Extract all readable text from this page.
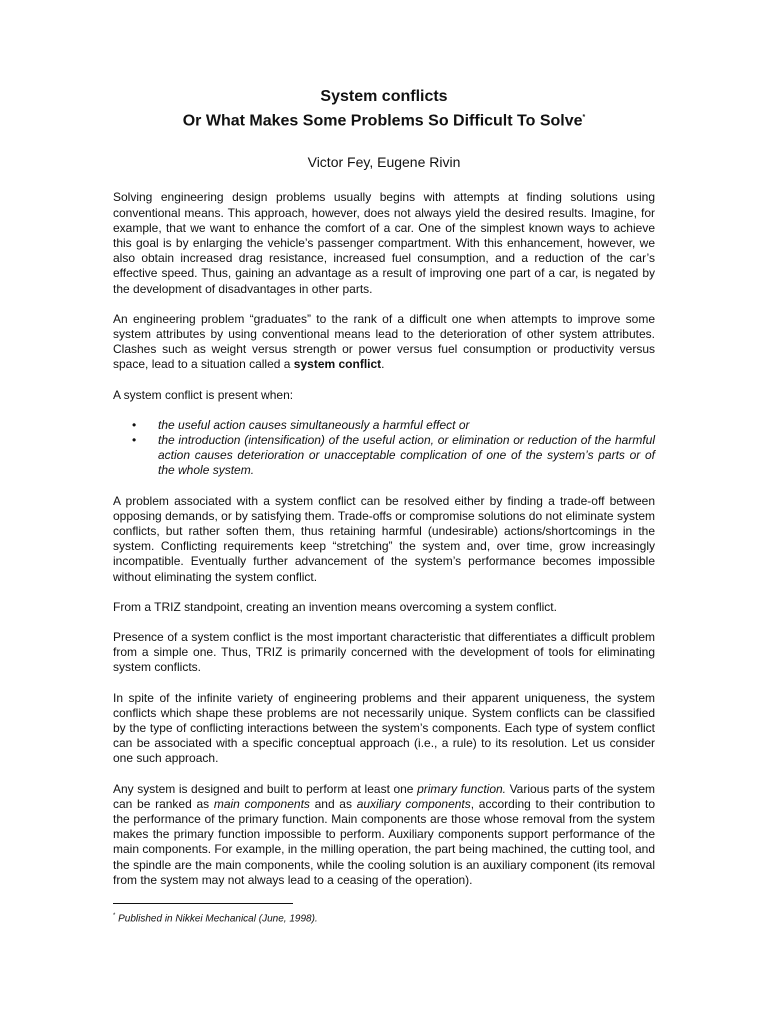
System conflicts
Or What Makes Some Problems So Difficult To Solve*
Victor Fey, Eugene Rivin

Solving engineering design problems usually begins with attempts at finding solutions using conventional means. This approach, however, does not always yield the desired results. Imagine, for example, that we want to enhance the comfort of a car. One of the simplest known ways to achieve this goal is by enlarging the vehicle’s passenger compartment. With this enhancement, however, we also obtain increased drag resistance, increased fuel consumption, and a reduction of the car’s effective speed. Thus, gaining an advantage as a result of improving one part of a car, is negated by the development of disadvantages in other parts.

An engineering problem “graduates” to the rank of a difficult one when attempts to improve some system attributes by using conventional means lead to the deterioration of other system attributes. Clashes such as weight versus strength or power versus fuel consumption or productivity versus space, lead to a situation called a system conflict.

A system conflict is present when:

• the useful action causes simultaneously a harmful effect or
• the introduction (intensification) of the useful action, or elimination or reduction of the harmful action causes deterioration or unacceptable complication of one of the system’s parts or of the whole system.

A problem associated with a system conflict can be resolved either by finding a trade-off between opposing demands, or by satisfying them. Trade-offs or compromise solutions do not eliminate system conflicts, but rather soften them, thus retaining harmful (undesirable) actions/shortcomings in the system. Conflicting requirements keep “stretching” the system and, over time, grow increasingly incompatible. Eventually further advancement of the system’s performance becomes impossible without eliminating the system conflict.

From a TRIZ standpoint, creating an invention means overcoming a system conflict.

Presence of a system conflict is the most important characteristic that differentiates a difficult problem from a simple one. Thus, TRIZ is primarily concerned with the development of tools for eliminating system conflicts.

In spite of the infinite variety of engineering problems and their apparent uniqueness, the system conflicts which shape these problems are not necessarily unique. System conflicts can be classified by the type of conflicting interactions between the system’s components. Each type of system conflict can be associated with a specific conceptual approach (i.e., a rule) to its resolution. Let us consider one such approach.

Any system is designed and built to perform at least one primary function. Various parts of the system can be ranked as main components and as auxiliary components, according to their contribution to the performance of the primary function. Main components are those whose removal from the system makes the primary function impossible to perform. Auxiliary components support performance of the main components. For example, in the milling operation, the part being machined, the cutting tool, and the spindle are the main components, while the cooling solution is an auxiliary component (its removal from the system may not always lead to a ceasing of the operation).

* Published in Nikkei Mechanical (June, 1998).
